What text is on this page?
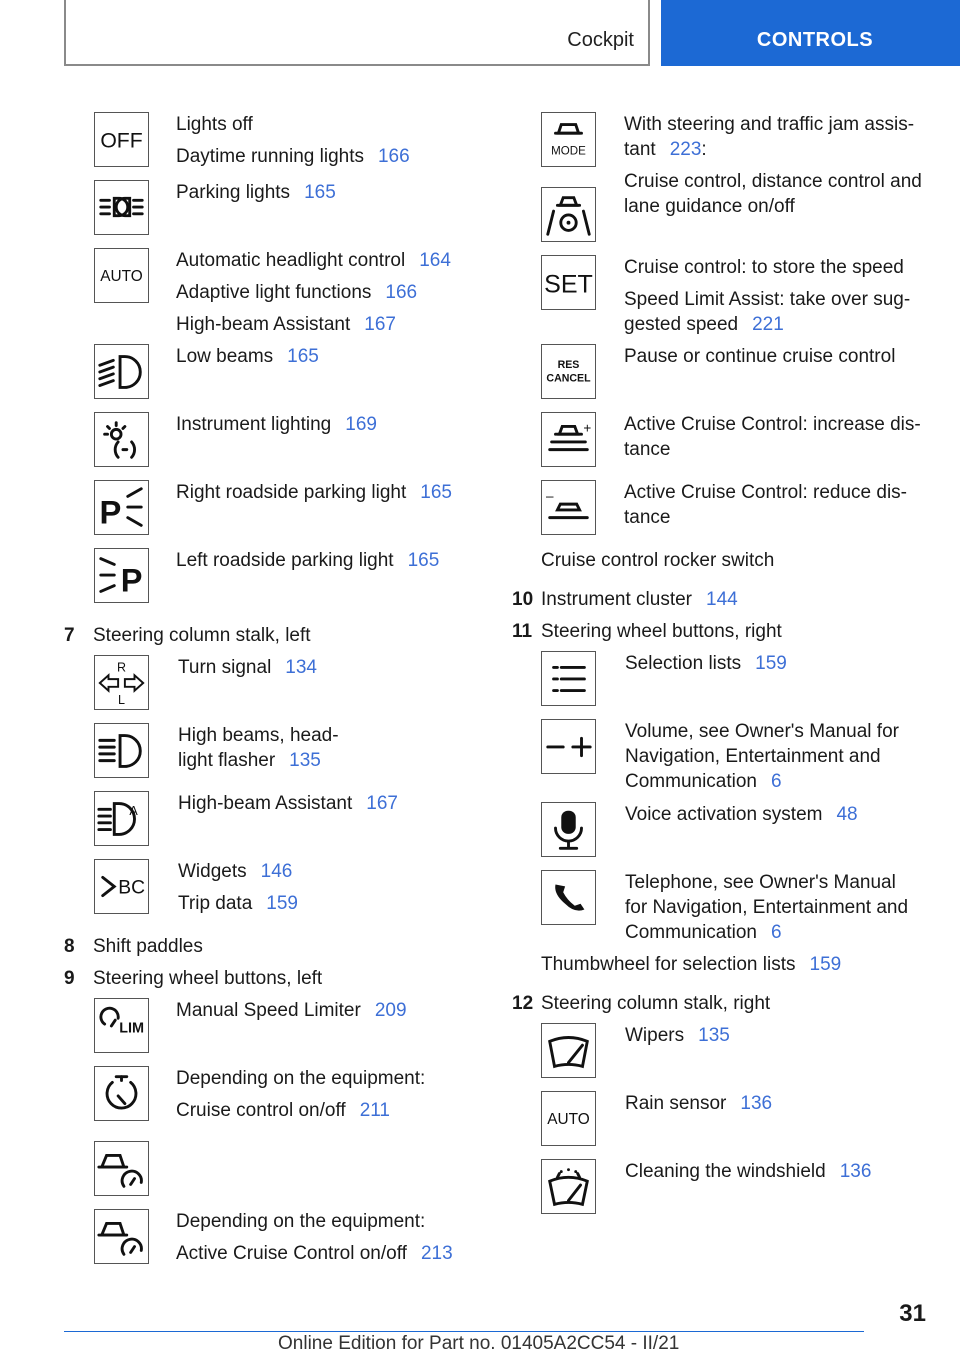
Cockpit	CONTROLS
OFF
Lights off
Daytime running lights 166
Parking lights 165
AUTO
Automatic headlight control 164
Adaptive light functions 166
High-beam Assistant 167
Low beams 165
Instrument lighting 169
P
Right roadside parking light 165
P
Left roadside parking light 165
7 Steering column stalk, left
R
L
Turn signal 134
High beams, head-
light flasher 135
A High-beam Assistant 167
BC
Widgets 146
Trip data 159
8 Shift paddles
9 Steering wheel buttons, left
LIM
Manual Speed Limiter 209
Depending on the equipment:
Cruise control on/off 211
Depending on the equipment:
Active Cruise Control on/off 213
MODE
With steering and traffic jam assis-
tant 223:
Cruise control, distance control and
lane guidance on/off
SET
Cruise control: to store the speed
Speed Limit Assist: take over sug-
gested speed 221
RES
CANCEL
Pause or continue cruise control
+ Active Cruise Control: increase dis-
tance
–	Active Cruise Control: reduce dis-
tance
Cruise control rocker switch
10 Instrument cluster 144
11 Steering wheel buttons, right
Selection lists 159
Volume, see Owner's Manual for
Navigation, Entertainment and
Communication 6
Voice activation system 48
Telephone, see Owner's Manual
for Navigation, Entertainment and
Communication 6
Thumbwheel for selection lists 159
12 Steering column stalk, right
Wipers 135
AUTO
Rain sensor 136
Cleaning the windshield 136
31
Online Edition for Part no. 01405A2CC54 - II/21
